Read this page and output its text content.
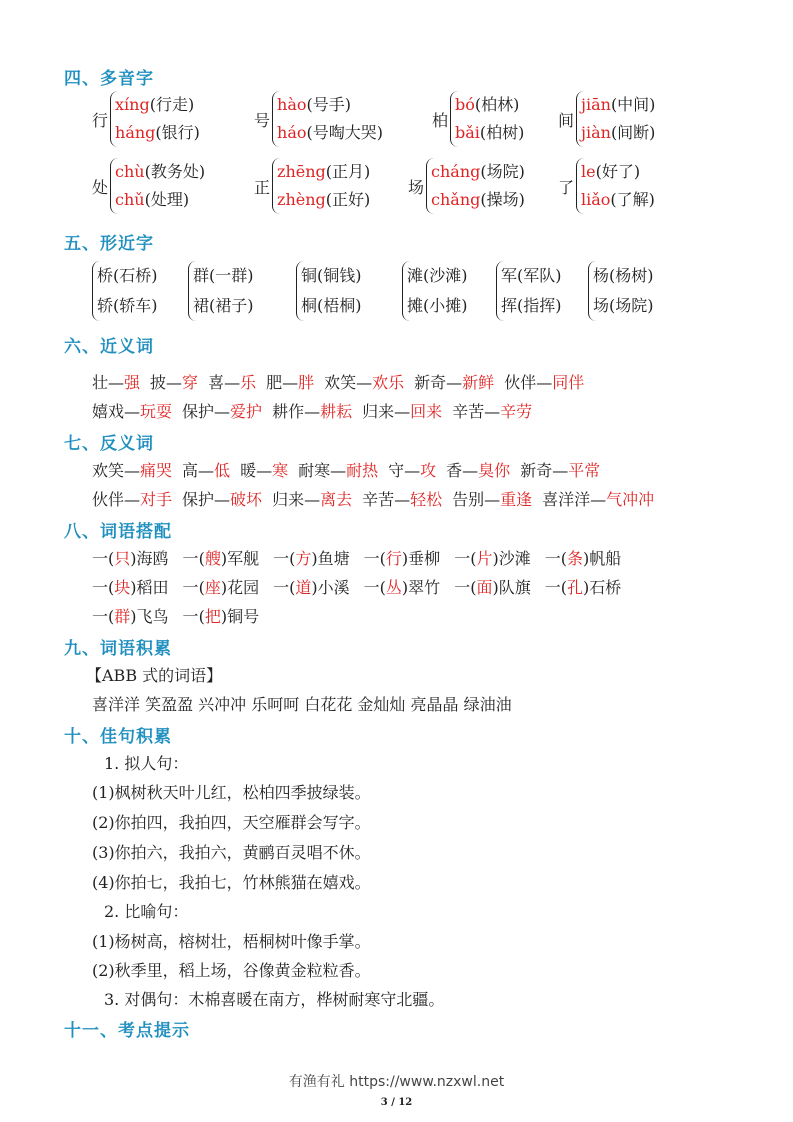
四、多音字
行
xíng(行走)
háng(银行)
号
hào(号手)
háo(号啕大哭)
柏
bó(柏林)
bǎi(柏树)
间
jiān(中间)
jiàn(间断)
处
chù(教务处)
chǔ(处理)
正
zhēng(正月)
zhèng(正好)
场
cháng(场院)
chǎng(操场)
了
le(好了)
liǎo(了解)
五、形近字
桥(石桥)
轿(轿车)
群(一群)
裙(裙子)
铜(铜钱)
桐(梧桐)
滩(沙滩)
摊(小摊)
军(军队)
挥(指挥)
杨(杨树)
场(场院)
六、近义词
壮—强 披—穿 喜—乐 肥—胖 欢笑—欢乐 新奇—新鲜 伙伴—同伴
嬉戏—玩耍 保护—爱护 耕作—耕耘 归来—回来 辛苦—辛劳
七、反义词
欢笑—痛哭 高—低 暖—寒 耐寒—耐热 守—攻 香—臭你 新奇—平常
伙伴—对手 保护—破坏 归来—离去 辛苦—轻松 告别—重逢 喜洋洋—气冲冲
八、词语搭配
一(只)海鸥 一(艘)军舰 一(方)鱼塘 一(行)垂柳 一(片)沙滩 一(条)帆船
一(块)稻田 一(座)花园 一(道)小溪 一(丛)翠竹 一(面)队旗 一(孔)石桥
一(群)飞鸟 一(把)铜号
九、词语积累
【ABB 式的词语】
喜洋洋 笑盈盈 兴冲冲 乐呵呵 白花花 金灿灿 亮晶晶 绿油油
十、佳句积累
1. 拟人句：
(1)枫树秋天叶儿红，松柏四季披绿装。
(2)你拍四，我拍四，天空雁群会写字。
(3)你拍六，我拍六，黄鹂百灵唱不休。
(4)你拍七，我拍七，竹林熊猫在嬉戏。
2. 比喻句：
(1)杨树高，榕树壮，梧桐树叶像手掌。
(2)秋季里，稻上场，谷像黄金粒粒香。
3. 对偶句：木棉喜暖在南方，桦树耐寒守北疆。
十一、考点提示
有渔有礼 https://www.nzxwl.net
3 / 12
